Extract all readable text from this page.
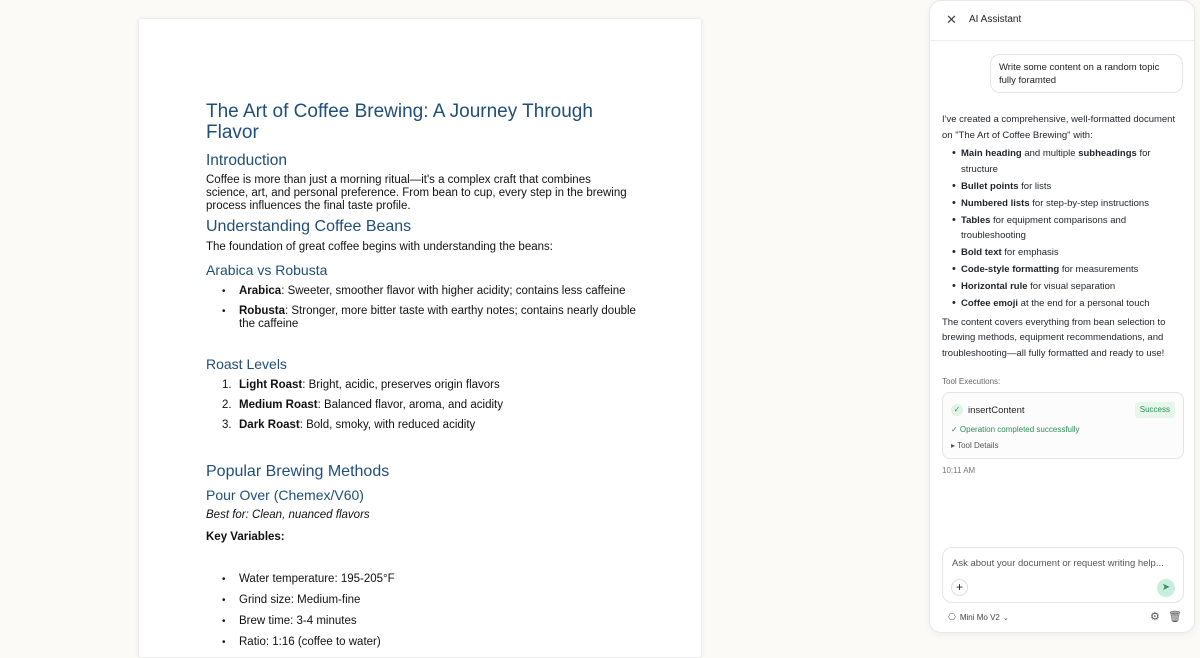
The Art of Coffee Brewing: A Journey Through Flavor
Introduction
Coffee is more than just a morning ritual—it's a complex craft that combines science, art, and personal preference. From bean to cup, every step in the brewing process influences the final taste profile.
Understanding Coffee Beans
The foundation of great coffee begins with understanding the beans:
Arabica vs Robusta
• Arabica: Sweeter, smoother flavor with higher acidity; contains less caffeine
• Robusta: Stronger, more bitter taste with earthy notes; contains nearly double the caffeine
Roast Levels
1. Light Roast: Bright, acidic, preserves origin flavors
2. Medium Roast: Balanced flavor, aroma, and acidity
3. Dark Roast: Bold, smoky, with reduced acidity
Popular Brewing Methods
Pour Over (Chemex/V60)
Best for: Clean, nuanced flavors
Key Variables:
• Water temperature: 195-205°F
• Grind size: Medium-fine
• Brew time: 3-4 minutes
• Ratio: 1:16 (coffee to water)
✕ AI Assistant
Write some content on a random topic fully foramted
I've created a comprehensive, well-formatted document on "The Art of Coffee Brewing" with:
• Main heading and multiple subheadings for structure
• Bullet points for lists
• Numbered lists for step-by-step instructions
• Tables for equipment comparisons and troubleshooting
• Bold text for emphasis
• Code-style formatting for measurements
• Horizontal rule for visual separation
• Coffee emoji at the end for a personal touch
The content covers everything from bean selection to brewing methods, equipment recommendations, and troubleshooting—all fully formatted and ready to use!
Tool Executions:
✓ insertContent	Success
✓ Operation completed successfully
▸ Tool Details
10:11 AM
Ask about your document or request writing help...
+	➤
⎔ Mini Mo V2 ⌄	⚙ 🗑
